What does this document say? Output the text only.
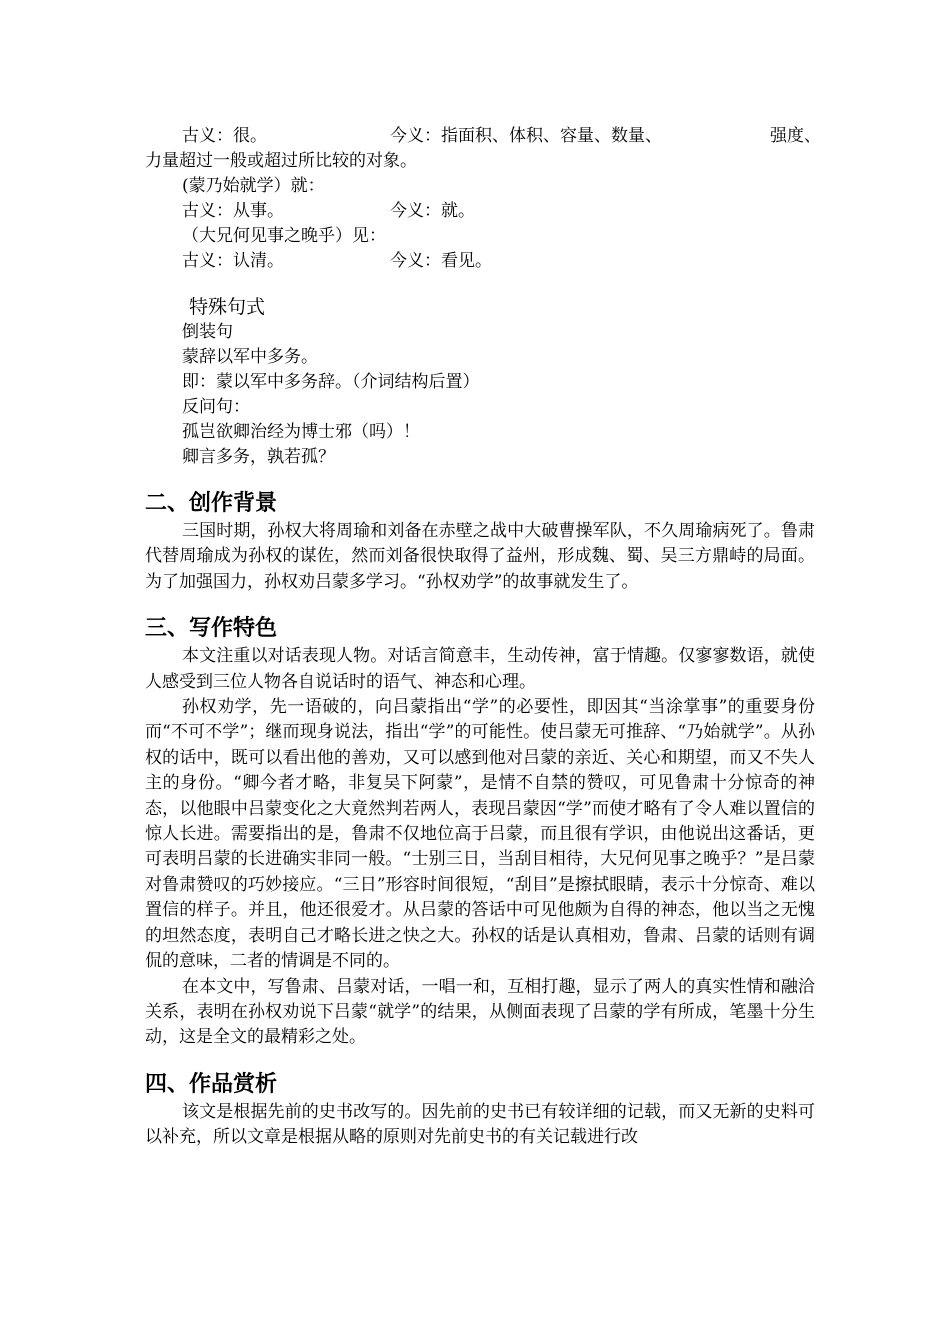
古义：很。	今义：指面积、体积、容量、数量、	强度、
力量超过一般或超过所比较的对象。
(蒙乃始就学）就：
古义：从事。	今义：就。
（大兄何见事之晚乎）见：
古义：认清。	今义：看见。
特殊句式
倒装句
蒙辞以军中多务。
即：蒙以军中多务辞。（介词结构后置）
反问句：
孤岂欲卿治经为博士邪（吗）！
卿言多务，孰若孤？
二、创作背景

三国时期，孙权大将周瑜和刘备在赤壁之战中大破曹操军队，不久周瑜病死了。鲁肃代替周瑜成为孙权的谋佐，然而刘备很快取得了益州，形成魏、蜀、吴三方鼎峙的局面。为了加强国力，孙权劝吕蒙多学习。“孙权劝学”的故事就发生了。

三、写作特色

本文注重以对话表现人物。对话言简意丰，生动传神，富于情趣。仅寥寥数语，就使人感受到三位人物各自说话时的语气、神态和心理。

孙权劝学，先一语破的，向吕蒙指出“学”的必要性，即因其“当涂掌事”的重要身份而“不可不学”；继而现身说法，指出“学”的可能性。使吕蒙无可推辞、“乃始就学”。从孙权的话中，既可以看出他的善劝，又可以感到他对吕蒙的亲近、关心和期望，而又不失人主的身份。“卿今者才略，非复吴下阿蒙”，是情不自禁的赞叹，可见鲁肃十分惊奇的神态，以他眼中吕蒙变化之大竟然判若两人，表现吕蒙因“学”而使才略有了令人难以置信的惊人长进。需要指出的是，鲁肃不仅地位高于吕蒙，而且很有学识，由他说出这番话，更可表明吕蒙的长进确实非同一般。“士别三日，当刮目相待，大兄何见事之晚乎？”是吕蒙对鲁肃赞叹的巧妙接应。“三日”形容时间很短，“刮目”是擦拭眼睛，表示十分惊奇、难以置信的样子。并且，他还很爱才。从吕蒙的答话中可见他颇为自得的神态，他以当之无愧的坦然态度，表明自己才略长进之快之大。孙权的话是认真相劝，鲁肃、吕蒙的话则有调侃的意味，二者的情调是不同的。

在本文中，写鲁肃、吕蒙对话，一唱一和，互相打趣，显示了两人的真实性情和融洽关系，表明在孙权劝说下吕蒙“就学”的结果，从侧面表现了吕蒙的学有所成，笔墨十分生动，这是全文的最精彩之处。

四、作品赏析

该文是根据先前的史书改写的。因先前的史书已有较详细的记载，而又无新的史料可以补充，所以文章是根据从略的原则对先前史书的有关记载进行改
